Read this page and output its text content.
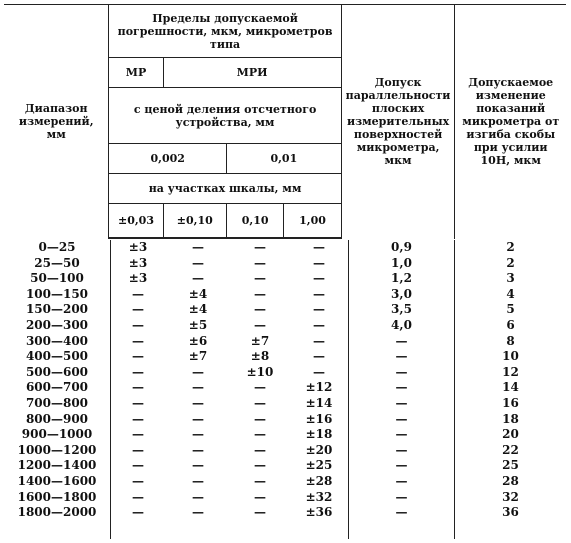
Диапазон измерений, мм	Пределы допускаемой погрешности, мкм, микрометров типа				Допуск параллельности плоских измерительных поверхностей микрометра, мкм	Допускаемое изменение показаний микрометра от изгиба скобы при усилии 10Н, мкм
	МР	МРИ				
	с ценой деления отсчетного устройства, мм					
	0,002		0,01			
	на участках шкалы, мм					
	±0,03	±0,10	0,10	1,00		

0—25	±3	—	—	—	0,9	2
25—50	±3	—	—	—	1,0	2
50—100	±3	—	—	—	1,2	3
100—150	—	±4	—	—	3,0	4
150—200	—	±4	—	—	3,5	5
200—300	—	±5	—	—	4,0	6
300—400	—	±6	±7	—	—	8
400—500	—	±7	±8	—	—	10
500—600	—	—	±10	—	—	12
600—700	—	—	—	±12	—	14
700—800	—	—	—	±14	—	16
800—900	—	—	—	±16	—	18
900—1000	—	—	—	±18	—	20
1000—1200	—	—	—	±20	—	22
1200—1400	—	—	—	±25	—	25
1400—1600	—	—	—	±28	—	28
1600—1800	—	—	—	±32	—	32
1800—2000	—	—	—	±36	—	36
